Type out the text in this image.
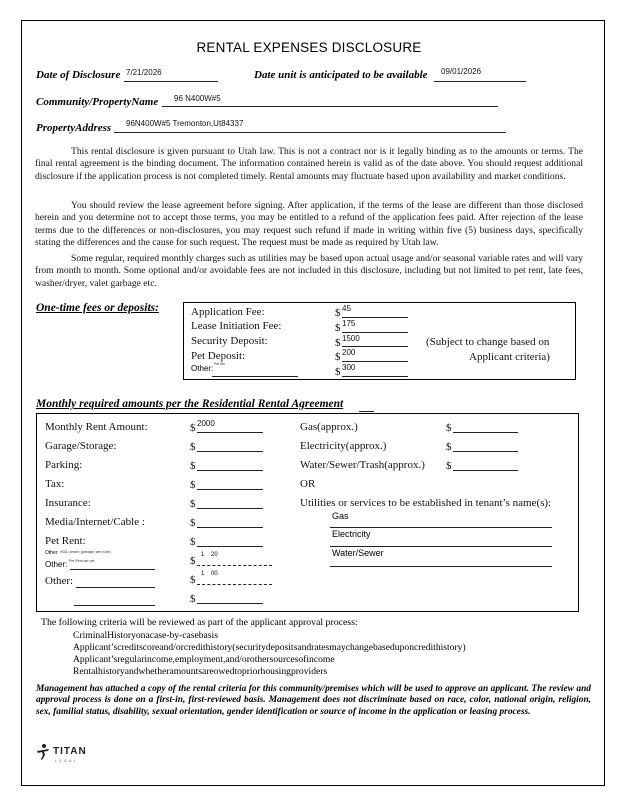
RENTAL EXPENSES DISCLOSURE
Date of Disclosure 7/21/2026	Date unit is anticipated to be available 09/01/2026
Community/PropertyName 96 N400W#5
PropertyAddress 96N400W#5 Tremonton,Ut84337
This rental disclosure is given pursuant to Utah law. This is not a contract nor is it legally binding as to the amounts or terms. The final rental agreement is the binding document. The information contained herein is valid as of the date above. You should request additional disclosure if the application process is not completed timely. Rental amounts may fluctuate based upon availability and market conditions.
You should review the lease agreement before signing. After application, if the terms of the lease are different than those disclosed herein and you determine not to accept those terms, you may be entitled to a refund of the application fees paid. After rejection of the lease terms due to the differences or non-disclosures, you may request such refund if made in writing within five (5) business days, specifically stating the differences and the cause for such request. The request must be made as required by Utah law.
Some regular, required monthly charges such as utilities may be based upon actual usage and/or seasonal variable rates and will vary from month to month. Some optional and/or avoidable fees are not included in this disclosure, including but not limited to pet rent, late fees, washer/dryer, valet garbage etc.
One-time fees or deposits:	Application Fee:
Lease Initiation Fee:
Security Deposit:
Pet Deposit:
Other: Pet fee
$
$
$
$
$
45
175
1500
200
300
(Subject to change based on
Applicant criteria)
Monthly required amounts per the Residential Rental Agreement
Monthly Rent Amount:
Garage/Storage:
Parking:
Tax:
Insurance:
Media/Internet/Cable :
Pet Rent:
Other HOA; sewer; garbage; see notes
Other: Pet Rent per pet
Other:
$
$
$
$
$
$
$
$
$
$
2000
1 20
1 00
Gas(approx.)
Electricity(approx.)
Water/Sewer/Trash(approx.)
$
$
$
OR
Utilities or services to be established in tenant’s name(s):
Gas
Electricity
Water/Sewer
The following criteria will be reviewed as part of the applicant approval process:
CriminalHistoryonacase-by-casebasis
Applicant’screditscoreand/orcredithistory(securitydepositsandratesmaychangebaseduponcredithistory)
Applicant’sregularincome,employment,and/orothersourcesofincome
Rentalhistoryandwhetheramountsareowedtopriorhousingproviders
Management has attached a copy of the rental criteria for this community/premises which will be used to approve an applicant. The review and approval process is done on a first-in, first-reviewed basis. Management does not discriminate based on race, color, national origin, religion, sex, familial status, disability, sexual orientation, gender identification or source of income in the application or leasing process.
TITAN
LEGAL
